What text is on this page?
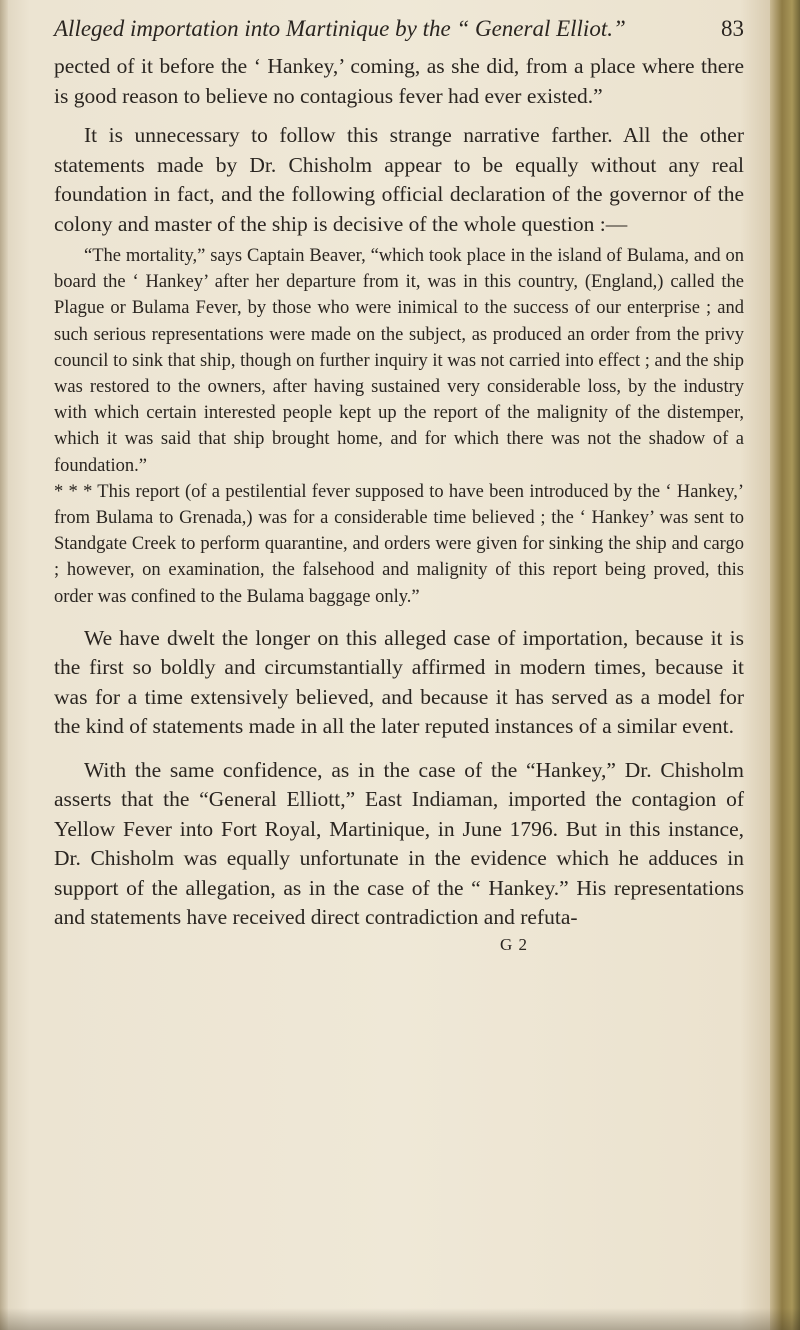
Alleged importation into Martinique by the “ General Elliot.”	83

pected of it before the ‘ Hankey,’ coming, as she did, from a place where there is good reason to believe no contagious fever had ever existed.”

It is unnecessary to follow this strange narrative farther. All the other statements made by Dr. Chisholm appear to be equally without any real foundation in fact, and the following official declaration of the governor of the colony and master of the ship is decisive of the whole question :—

“The mortality,” says Captain Beaver, “which took place in the island of Bulama, and on board the ‘ Hankey’ after her departure from it, was in this country, (England,) called the Plague or Bulama Fever, by those who were inimical to the success of our enterprise ; and such serious representations were made on the subject, as produced an order from the privy council to sink that ship, though on further inquiry it was not carried into effect ; and the ship was restored to the owners, after having sustained very considerable loss, by the industry with which certain interested people kept up the report of the malignity of the distemper, which it was said that ship brought home, and for which there was not the shadow of a foundation.”

* * * This report (of a pestilential fever supposed to have been introduced by the ‘ Hankey,’ from Bulama to Grenada,) was for a considerable time believed ; the ‘ Hankey’ was sent to Standgate Creek to perform quarantine, and orders were given for sinking the ship and cargo ; however, on examination, the falsehood and malignity of this report being proved, this order was confined to the Bulama baggage only.”

We have dwelt the longer on this alleged case of importation, because it is the first so boldly and circumstantially affirmed in modern times, because it was for a time extensively believed, and because it has served as a model for the kind of statements made in all the later reputed instances of a similar event.

With the same confidence, as in the case of the “Hankey,” Dr. Chisholm asserts that the “General Elliott,” East Indiaman, imported the contagion of Yellow Fever into Fort Royal, Martinique, in June 1796. But in this instance, Dr. Chisholm was equally unfortunate in the evidence which he adduces in support of the allegation, as in the case of the “ Hankey.” His representations and statements have received direct contradiction and refuta-

G 2
